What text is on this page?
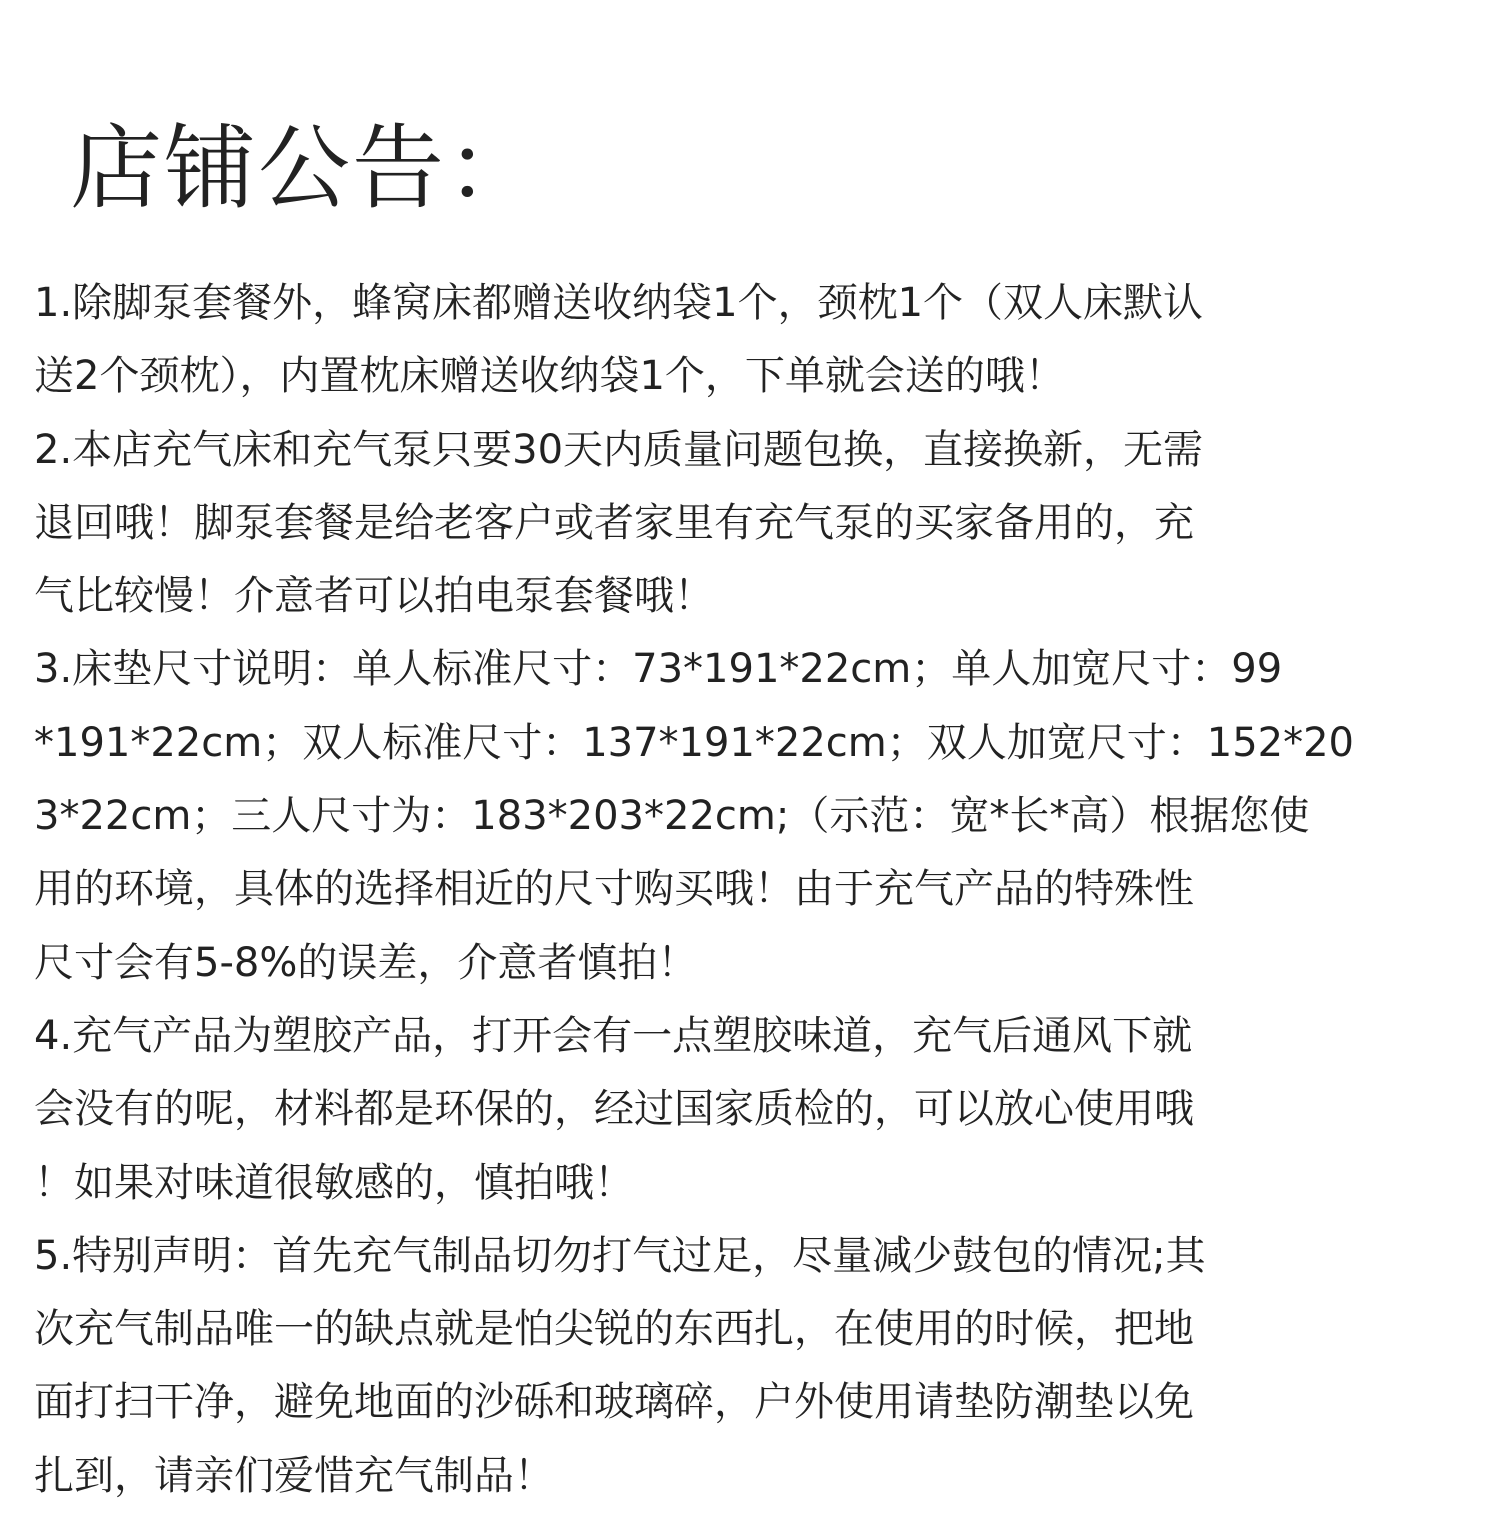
店铺公告：
1.除脚泵套餐外，蜂窝床都赠送收纳袋1个，颈枕1个（双人床默认
送2个颈枕），内置枕床赠送收纳袋1个，下单就会送的哦！
2.本店充气床和充气泵只要30天内质量问题包换，直接换新，无需
退回哦！脚泵套餐是给老客户或者家里有充气泵的买家备用的，充
气比较慢！介意者可以拍电泵套餐哦！
3.床垫尺寸说明：单人标准尺寸：73*191*22cm；单人加宽尺寸：99
*191*22cm；双人标准尺寸：137*191*22cm；双人加宽尺寸：152*20
3*22cm；三人尺寸为：183*203*22cm;（示范：宽*长*高）根据您使
用的环境，具体的选择相近的尺寸购买哦！由于充气产品的特殊性
尺寸会有5-8%的误差，介意者慎拍！
4.充气产品为塑胶产品，打开会有一点塑胶味道，充气后通风下就
会没有的呢，材料都是环保的，经过国家质检的，可以放心使用哦
！如果对味道很敏感的，慎拍哦！
5.特别声明：首先充气制品切勿打气过足，尽量减少鼓包的情况;其
次充气制品唯一的缺点就是怕尖锐的东西扎，在使用的时候，把地
面打扫干净，避免地面的沙砾和玻璃碎，户外使用请垫防潮垫以免
扎到，请亲们爱惜充气制品！
